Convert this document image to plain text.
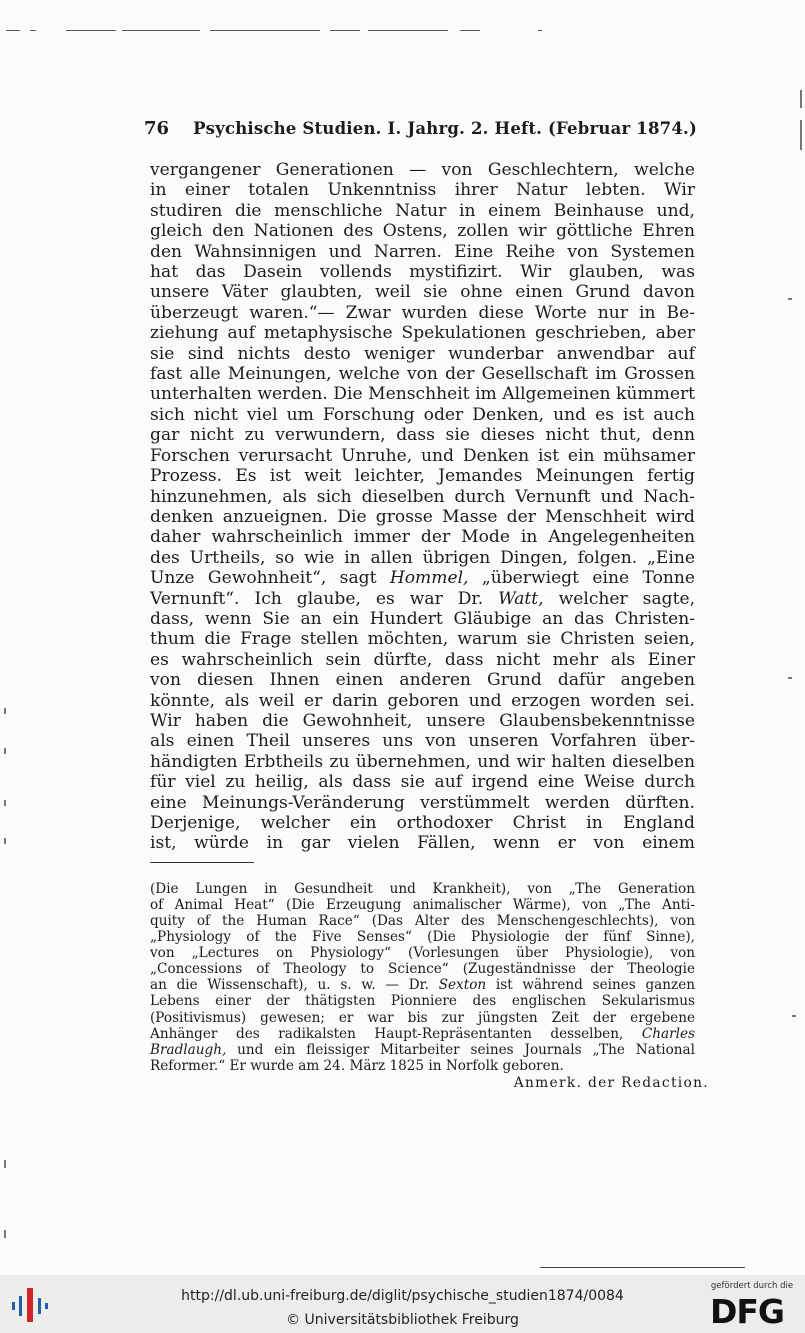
76 Psychische Studien. I. Jahrg. 2. Heft. (Februar 1874.)
vergangener Generationen — von Geschlechtern, welche
in einer totalen Unkenntniss ihrer Natur lebten. Wir
studiren die menschliche Natur in einem Beinhause und,
gleich den Nationen des Ostens, zollen wir göttliche Ehren
den Wahnsinnigen und Narren. Eine Reihe von Systemen
hat das Dasein vollends mystifizirt. Wir glauben, was
unsere Väter glaubten, weil sie ohne einen Grund davon
überzeugt waren.“— Zwar wurden diese Worte nur in Be-
ziehung auf metaphysische Spekulationen geschrieben, aber
sie sind nichts desto weniger wunderbar anwendbar auf
fast alle Meinungen, welche von der Gesellschaft im Grossen
unterhalten werden. Die Menschheit im Allgemeinen kümmert
sich nicht viel um Forschung oder Denken, und es ist auch
gar nicht zu verwundern, dass sie dieses nicht thut, denn
Forschen verursacht Unruhe, und Denken ist ein mühsamer
Prozess. Es ist weit leichter, Jemandes Meinungen fertig
hinzunehmen, als sich dieselben durch Vernunft und Nach-
denken anzueignen. Die grosse Masse der Menschheit wird
daher wahrscheinlich immer der Mode in Angelegenheiten
des Urtheils, so wie in allen übrigen Dingen, folgen. „Eine
Unze Gewohnheit“, sagt Hommel, „überwiegt eine Tonne
Vernunft“. Ich glaube, es war Dr. Watt, welcher sagte,
dass, wenn Sie an ein Hundert Gläubige an das Christen-
thum die Frage stellen möchten, warum sie Christen seien,
es wahrscheinlich sein dürfte, dass nicht mehr als Einer
von diesen Ihnen einen anderen Grund dafür angeben
könnte, als weil er darin geboren und erzogen worden sei.
Wir haben die Gewohnheit, unsere Glaubensbekenntnisse
als einen Theil unseres uns von unseren Vorfahren über-
händigten Erbtheils zu übernehmen, und wir halten dieselben
für viel zu heilig, als dass sie auf irgend eine Weise durch
eine Meinungs-Veränderung verstümmelt werden dürften.
Derjenige, welcher ein orthodoxer Christ in England
ist, würde in gar vielen Fällen, wenn er von einem
(Die Lungen in Gesundheit und Krankheit), von „The Generation
of Animal Heat“ (Die Erzeugung animalischer Wärme), von „The Anti-
quity of the Human Race“ (Das Alter des Menschengeschlechts), von
„Physiology of the Five Senses“ (Die Physiologie der fünf Sinne),
von „Lectures on Physiology“ (Vorlesungen über Physiologie), von
„Concessions of Theology to Science“ (Zugeständnisse der Theologie
an die Wissenschaft), u. s. w. — Dr. Sexton ist während seines ganzen
Lebens einer der thätigsten Pionniere des englischen Sekularismus
(Positivismus) gewesen; er war bis zur jüngsten Zeit der ergebene
Anhänger des radikalsten Haupt-Repräsentanten desselben, Charles
Bradlaugh, und ein fleissiger Mitarbeiter seines Journals „The National
Reformer.“ Er wurde am 24. März 1825 in Norfolk geboren.
Anmerk. der Redaction.
http://dl.ub.uni-freiburg.de/diglit/psychische_studien1874/0084
© Universitätsbibliothek Freiburg
gefördert durch die
DFG
